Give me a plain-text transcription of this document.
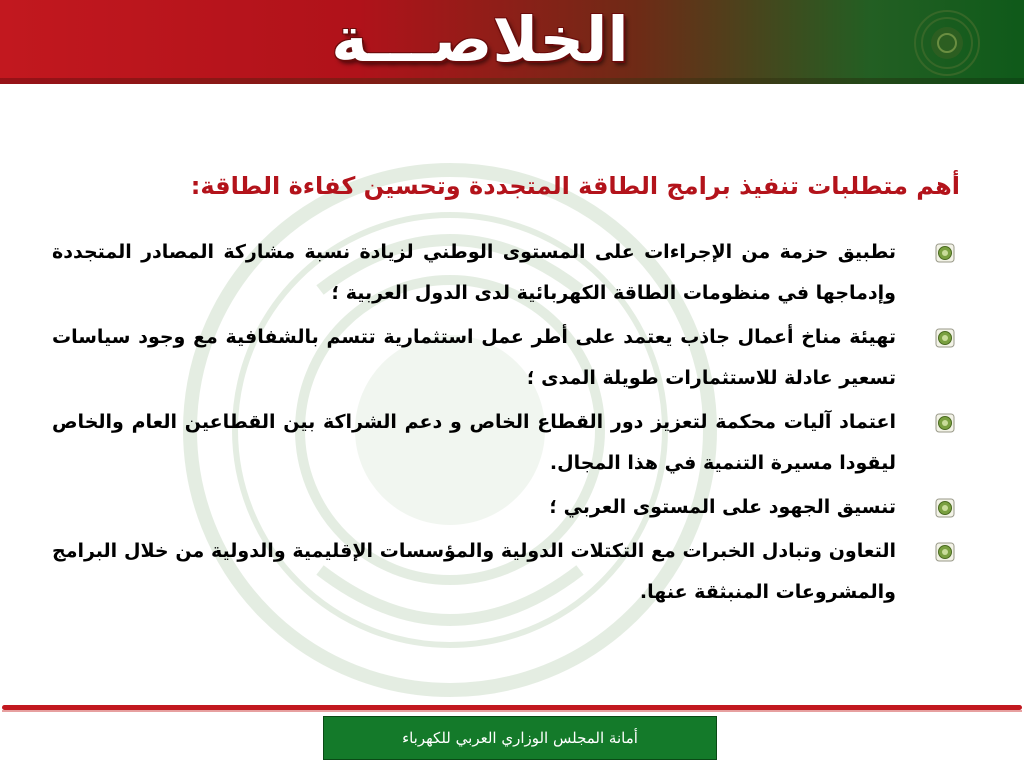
الخلاصـــة
أهم متطلبات تنفيذ برامج الطاقة المتجددة وتحسين كفاءة الطاقة:
تطبيق حزمة من الإجراءات على المستوى الوطني لزيادة نسبة مشاركة المصادر المتجددة وإدماجها في منظومات الطاقة الكهربائية لدى الدول العربية ؛
تهيئة مناخ أعمال جاذب يعتمد على أطر عمل استثمارية تتسم بالشفافية مع وجود سياسات تسعير عادلة للاستثمارات طويلة المدى ؛
اعتماد آليات محكمة لتعزيز دور القطاع الخاص و دعم الشراكة بين القطاعين العام والخاص ليقودا مسيرة التنمية في هذا المجال.
تنسيق الجهود على المستوى العربي ؛
التعاون وتبادل الخبرات مع التكتلات الدولية والمؤسسات الإقليمية والدولية من خلال البرامج والمشروعات المنبثقة عنها.
أمانة المجلس الوزاري العربي للكهرباء
